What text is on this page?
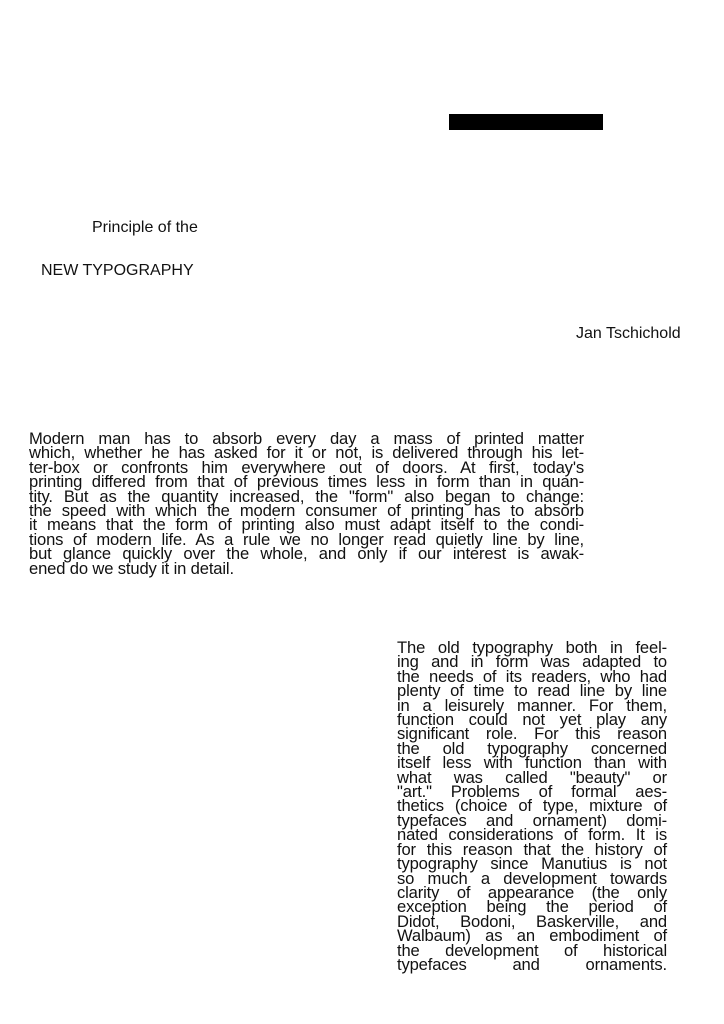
Principle of the
NEW TYPOGRAPHY
Jan Tschichold
Modern man has to absorb every day a mass of printed matter
which, whether he has asked for it or not, is delivered through his let-
ter-box or confronts him everywhere out of doors. At first, today's
printing differed from that of previous times less in form than in quan-
tity. But as the quantity increased, the "form" also began to change:
the speed with which the modern consumer of printing has to absorb
it means that the form of printing also must adapt itself to the condi-
tions of modern life. As a rule we no longer read quietly line by line,
but glance quickly over the whole, and only if our interest is awak-
ened do we study it in detail.
The old typography both in feel-
ing and in form was adapted to
the needs of its readers, who had
plenty of time to read line by line
in a leisurely manner. For them,
function could not yet play any
significant role. For this reason
the old typography concerned
itself less with function than with
what was called "beauty" or
"art." Problems of formal aes-
thetics (choice of type, mixture of
typefaces and ornament) domi-
nated considerations of form. It is
for this reason that the history of
typography since Manutius is not
so much a development towards
clarity of appearance (the only
exception being the period of
Didot, Bodoni, Baskerville, and
Walbaum) as an embodiment of
the development of historical
typefaces and ornaments.
